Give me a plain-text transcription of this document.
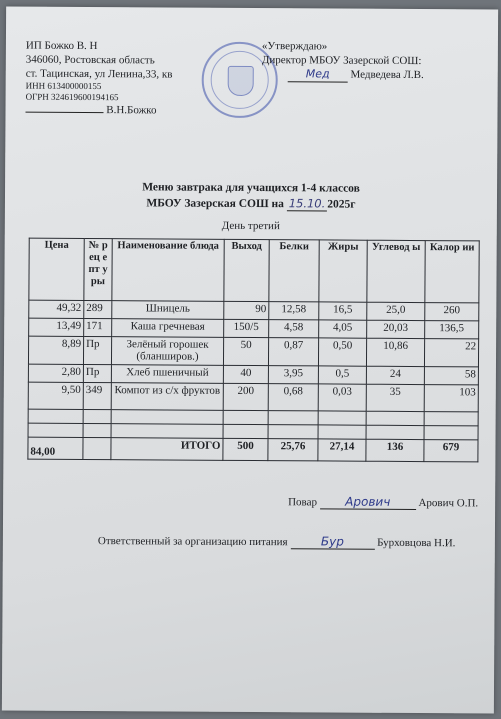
ИП Божко В. Н
346060, Ростовская область
ст. Тацинская, ул Ленина,33, кв
ИНН 613400000155
ОГРН 324619600194165
В.Н.Божко
«Утверждаю»
Директор МБОУ Зазерской СОШ:
Мед Медведева Л.В.
Меню завтрака для учащихся 1-4 классов
МБОУ Зазерская СОШ на 15.10. 2025г
День третий
Цена	№ рец епт уры	Наименование блюда	Выход	Белки	Жиры	Углевод ы	Калор ии
49,32	289	Шницель	90	12,58	16,5	25,0	260
13,49	171	Каша гречневая	150/5	4,58	4,05	20,03	136,5
8,89	Пр	Зелёный горошек (бланширов.)	50	0,87	0,50	10,86	22
2,80	Пр	Хлеб пшеничный	40	3,95	0,5	24	58
9,50	349	Компот из с/х фруктов	200	0,68	0,03	35	103

84,00		ИТОГО	500	25,76	27,14	136	679
Повар Арович	Арович О.П.
Ответственный за организацию питания	Бур	Бурховцова Н.И.
